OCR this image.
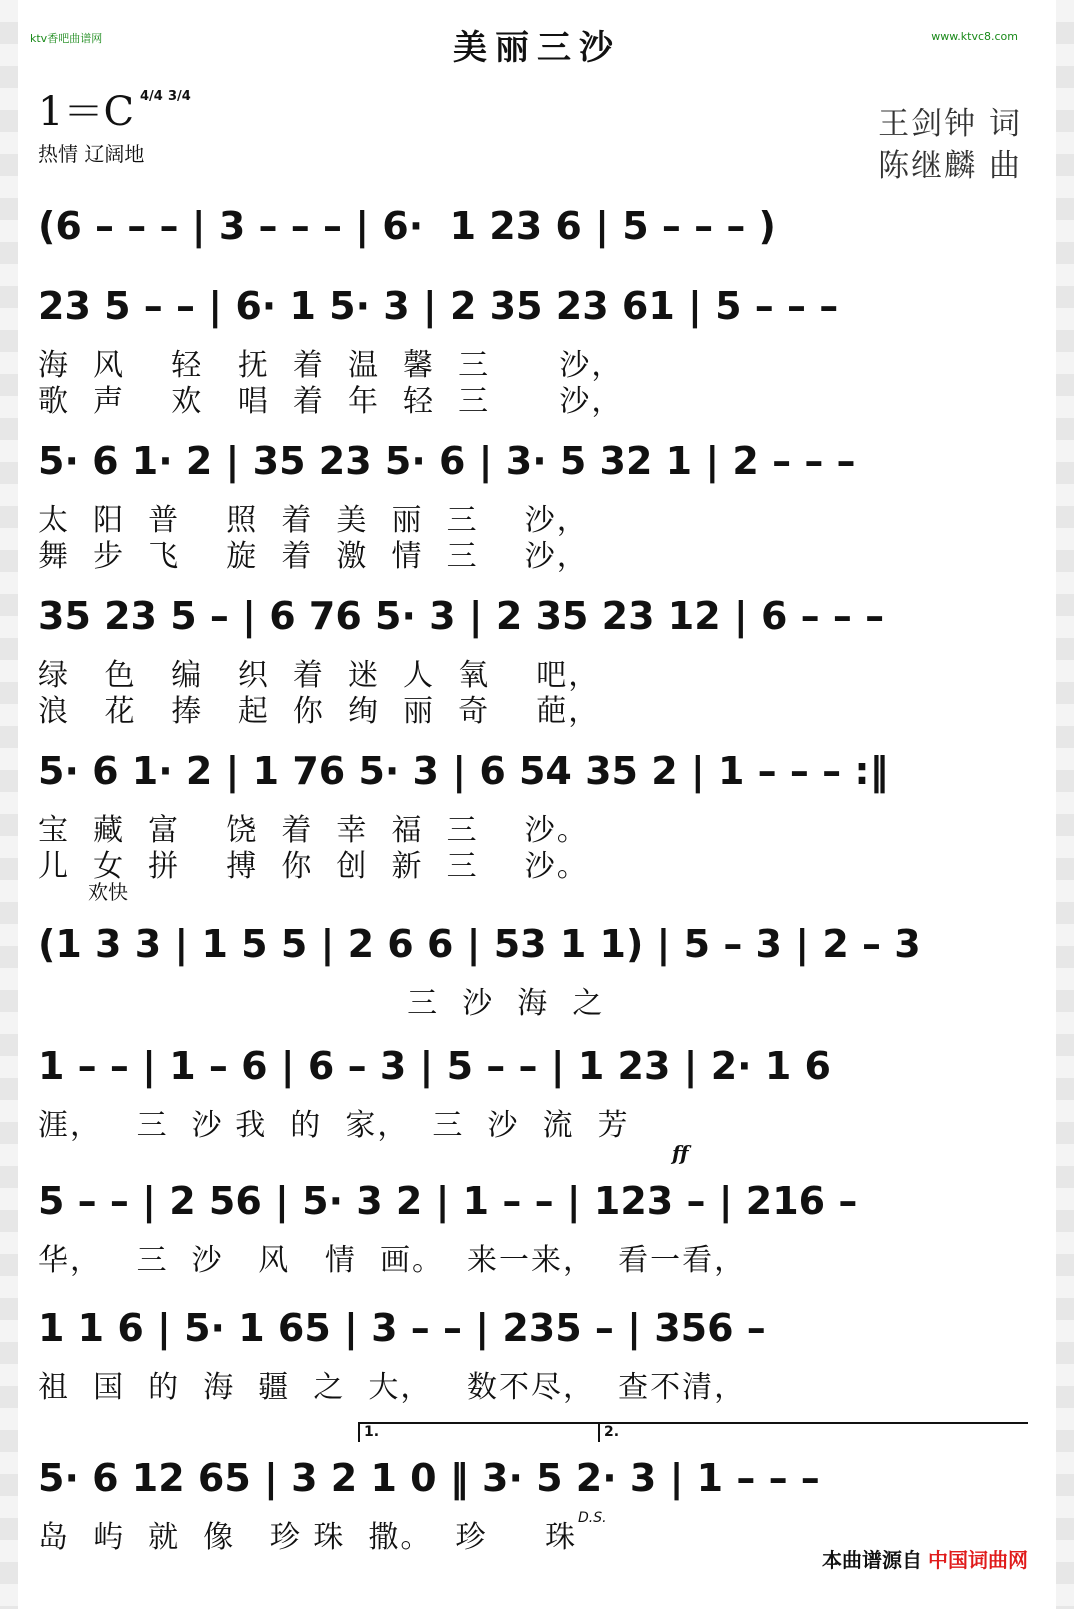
ktv香吧曲谱网	www.ktvc8.com
美丽三沙
1＝C 4/4 3/4
热情 辽阔地
王剑钟 词
陈继麟 曲
(6 – – – | 3 – – – | 6·  1 23 6 | 5 – – – )
23 5 – – | 6· 1 5· 3 | 2 35 23 61 | 5 – – –
海  风    轻   抚  着  温  馨  三      沙，
歌  声    欢   唱  着  年  轻  三      沙，
5· 6 1· 2 | 35 23 5· 6 | 3· 5 32 1 | 2 – – –
太  阳  普    照  着  美  丽  三    沙，
舞  步  飞    旋  着  激  情  三    沙，
35 23 5 – | 6 76 5· 3 | 2 35 23 12 | 6 – – –
绿   色   编   织  着  迷  人  氧    吧，
浪   花   捧   起  你  绚  丽  奇    葩，
5· 6 1· 2 | 1 76 5· 3 | 6 54 35 2 | 1 – – – :‖
宝  藏  富    饶  着  幸  福  三    沙。
儿  女  拼    搏  你  创  新  三    沙。
欢快
(1 3 3 | 1 5 5 | 2 6 6 | 53 1 1) | 5 – 3 | 2 – 3
三  沙  海  之
1 – – | 1 – 6 | 6 – 3 | 5 – – | 1 23 | 2· 1 6
涯，   三  沙 我  的  家，  三  沙  流  芳
ff
5 – – | 2 56 | 5· 3 2 | 1 – – | 123 – | 216 –
华，   三  沙   风   情  画。  来一来，  看一看，
1 1 6 | 5· 1 65 | 3 – – | 235 – | 356 –
祖  国  的  海  疆  之  大，   数不尽，  查不清，
1.	2.
5· 6 12 65 | 3 2 1 0 ‖ 3· 5 2· 3 | 1 – – –
D.S.
岛  屿  就  像   珍 珠  撒。  珍     珠
本曲谱源自 中国词曲网
